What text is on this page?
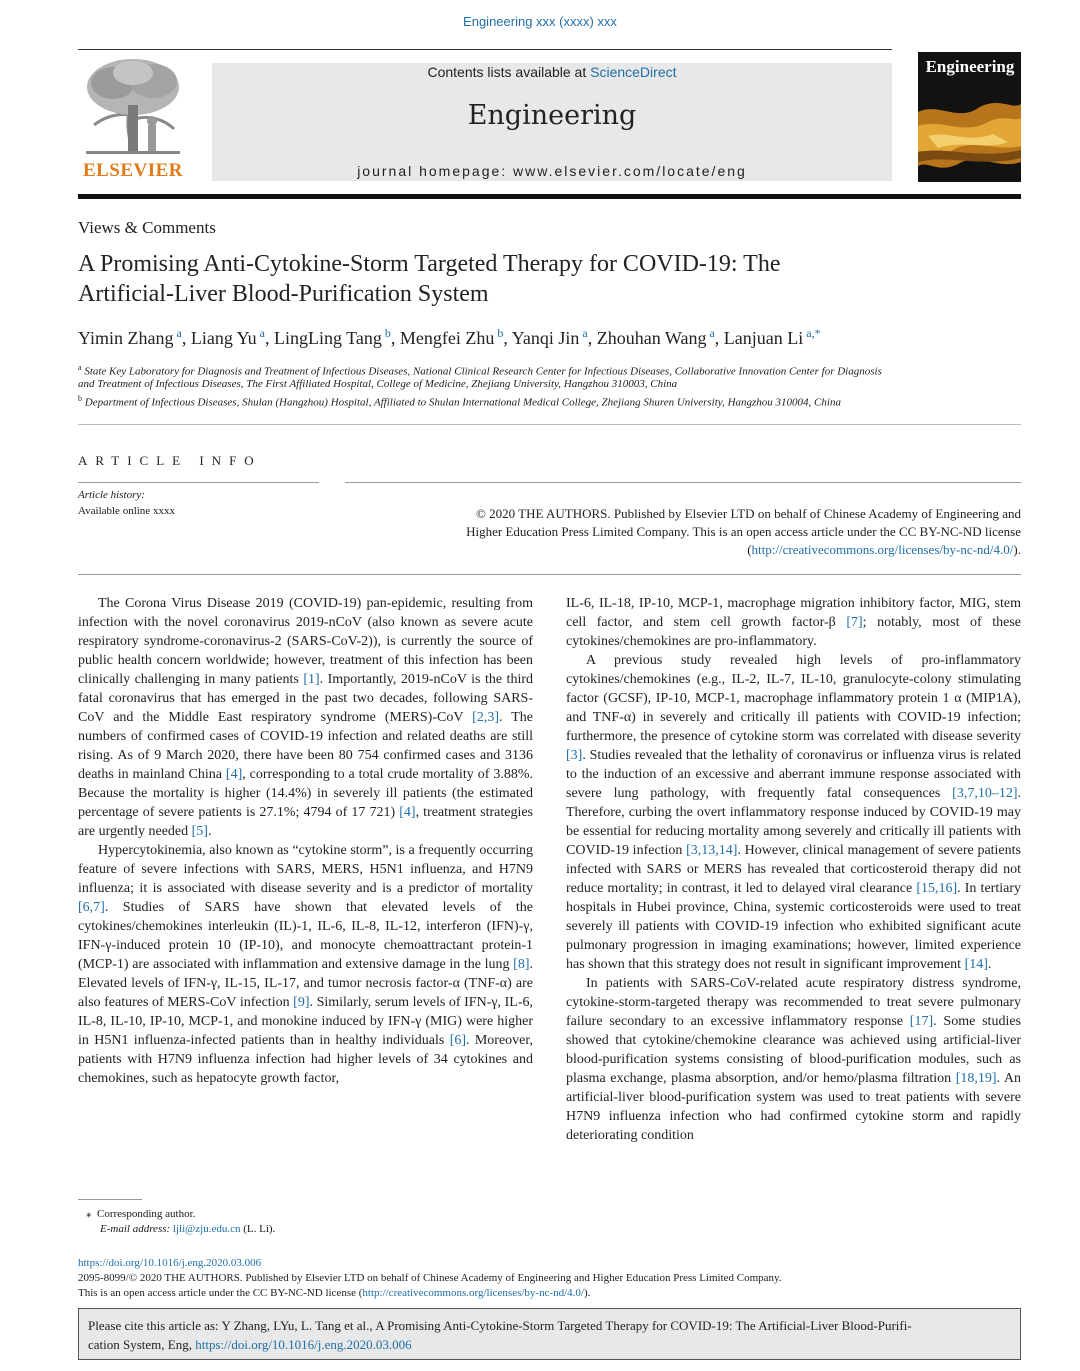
Engineering xxx (xxxx) xxx
ELSEVIER
Contents lists available at ScienceDirect
Engineering
journal homepage: www.elsevier.com/locate/eng
Engineering
Views & Comments
A Promising Anti-Cytokine-Storm Targeted Therapy for COVID-19: The
Artificial-Liver Blood-Purification System
Yimin Zhang $^a$, Liang Yu $^a$, LingLing Tang $^b$, Mengfei Zhu $^b$, Yanqi Jin $^a$, Zhouhan Wang $^a$, Lanjuan Li $^{a,*}$
$^a$ State Key Laboratory for Diagnosis and Treatment of Infectious Diseases, National Clinical Research Center for Infectious Diseases, Collaborative Innovation Center for Diagnosis
and Treatment of Infectious Diseases, The First Affiliated Hospital, College of Medicine, Zhejiang University, Hangzhou 310003, China
$^b$ Department of Infectious Diseases, Shulan (Hangzhou) Hospital, Affiliated to Shulan International Medical College, Zhejiang Shuren University, Hangzhou 310004, China
ARTICLE INFO
Article history:
Available online xxxx	© 2020 THE AUTHORS. Published by Elsevier LTD on behalf of Chinese Academy of Engineering and
Higher Education Press Limited Company. This is an open access article under the CC BY-NC-ND license
(http://creativecommons.org/licenses/by-nc-nd/4.0/).

The Corona Virus Disease 2019 (COVID-19) pan-epidemic, resulting from infection with the novel coronavirus 2019-nCoV (also known as severe acute respiratory syndrome-coronavirus-2 (SARS-CoV-2)), is currently the source of public health concern worldwide; however, treatment of this infection has been clinically challenging in many patients [1]. Importantly, 2019-nCoV is the third fatal coronavirus that has emerged in the past two decades, following SARS-CoV and the Middle East respiratory syndrome (MERS)-CoV [2,3]. The numbers of confirmed cases of COVID-19 infection and related deaths are still rising. As of 9 March 2020, there have been 80 754 confirmed cases and 3136 deaths in mainland China [4], corresponding to a total crude mortality of 3.88%. Because the mortality is higher (14.4%) in severely ill patients (the estimated percentage of severe patients is 27.1%; 4794 of 17 721) [4], treatment strategies are urgently needed [5].

Hypercytokinemia, also known as “cytokine storm”, is a frequently occurring feature of severe infections with SARS, MERS, H5N1 influenza, and H7N9 influenza; it is associated with disease severity and is a predictor of mortality [6,7]. Studies of SARS have shown that elevated levels of the cytokines/chemokines interleukin (IL)-1, IL-6, IL-8, IL-12, interferon (IFN)-γ, IFN-γ-induced protein 10 (IP-10), and monocyte chemoattractant protein-1 (MCP-1) are associated with inflammation and extensive damage in the lung [8]. Elevated levels of IFN-γ, IL-15, IL-17, and tumor necrosis factor-α (TNF-α) are also features of MERS-CoV infection [9]. Similarly, serum levels of IFN-γ, IL-6, IL-8, IL-10, IP-10, MCP-1, and monokine induced by IFN-γ (MIG) were higher in H5N1 influenza-infected patients than in healthy individuals [6]. Moreover, patients with H7N9 influenza infection had higher levels of 34 cytokines and chemokines, such as hepatocyte growth factor,

IL-6, IL-18, IP-10, MCP-1, macrophage migration inhibitory factor, MIG, stem cell factor, and stem cell growth factor-β [7]; notably, most of these cytokines/chemokines are pro-inflammatory.

A previous study revealed high levels of pro-inflammatory cytokines/chemokines (e.g., IL-2, IL-7, IL-10, granulocyte-colony stimulating factor (GCSF), IP-10, MCP-1, macrophage inflammatory protein 1 α (MIP1A), and TNF-α) in severely and critically ill patients with COVID-19 infection; furthermore, the presence of cytokine storm was correlated with disease severity [3]. Studies revealed that the lethality of coronavirus or influenza virus is related to the induction of an excessive and aberrant immune response associated with severe lung pathology, with frequently fatal consequences [3,7,10–12]. Therefore, curbing the overt inflammatory response induced by COVID-19 may be essential for reducing mortality among severely and critically ill patients with COVID-19 infection [3,13,14]. However, clinical management of severe patients infected with SARS or MERS has revealed that corticosteroid therapy did not reduce mortality; in contrast, it led to delayed viral clearance [15,16]. In tertiary hospitals in Hubei province, China, systemic corticosteroids were used to treat severely ill patients with COVID-19 infection who exhibited significant acute pulmonary progression in imaging examinations; however, limited experience has shown that this strategy does not result in significant improvement [14].

In patients with SARS-CoV-related acute respiratory distress syndrome, cytokine-storm-targeted therapy was recommended to treat severe pulmonary failure secondary to an excessive inflammatory response [17]. Some studies showed that cytokine/chemokine clearance was achieved using artificial-liver blood-purification systems consisting of blood-purification modules, such as plasma exchange, plasma absorption, and/or hemo/plasma filtration [18,19]. An artificial-liver blood-purification system was used to treat patients with severe H7N9 influenza infection who had confirmed cytokine storm and rapidly deteriorating condition

⁎ Corresponding author.
E-mail address: ljli@zju.edu.cn (L. Li).
https://doi.org/10.1016/j.eng.2020.03.006
2095-8099/© 2020 THE AUTHORS. Published by Elsevier LTD on behalf of Chinese Academy of Engineering and Higher Education Press Limited Company.
This is an open access article under the CC BY-NC-ND license (http://creativecommons.org/licenses/by-nc-nd/4.0/).
Please cite this article as: Y Zhang, LYu, L. Tang et al., A Promising Anti-Cytokine-Storm Targeted Therapy for COVID-19: The Artificial-Liver Blood-Purifi-
cation System, Eng, https://doi.org/10.1016/j.eng.2020.03.006
